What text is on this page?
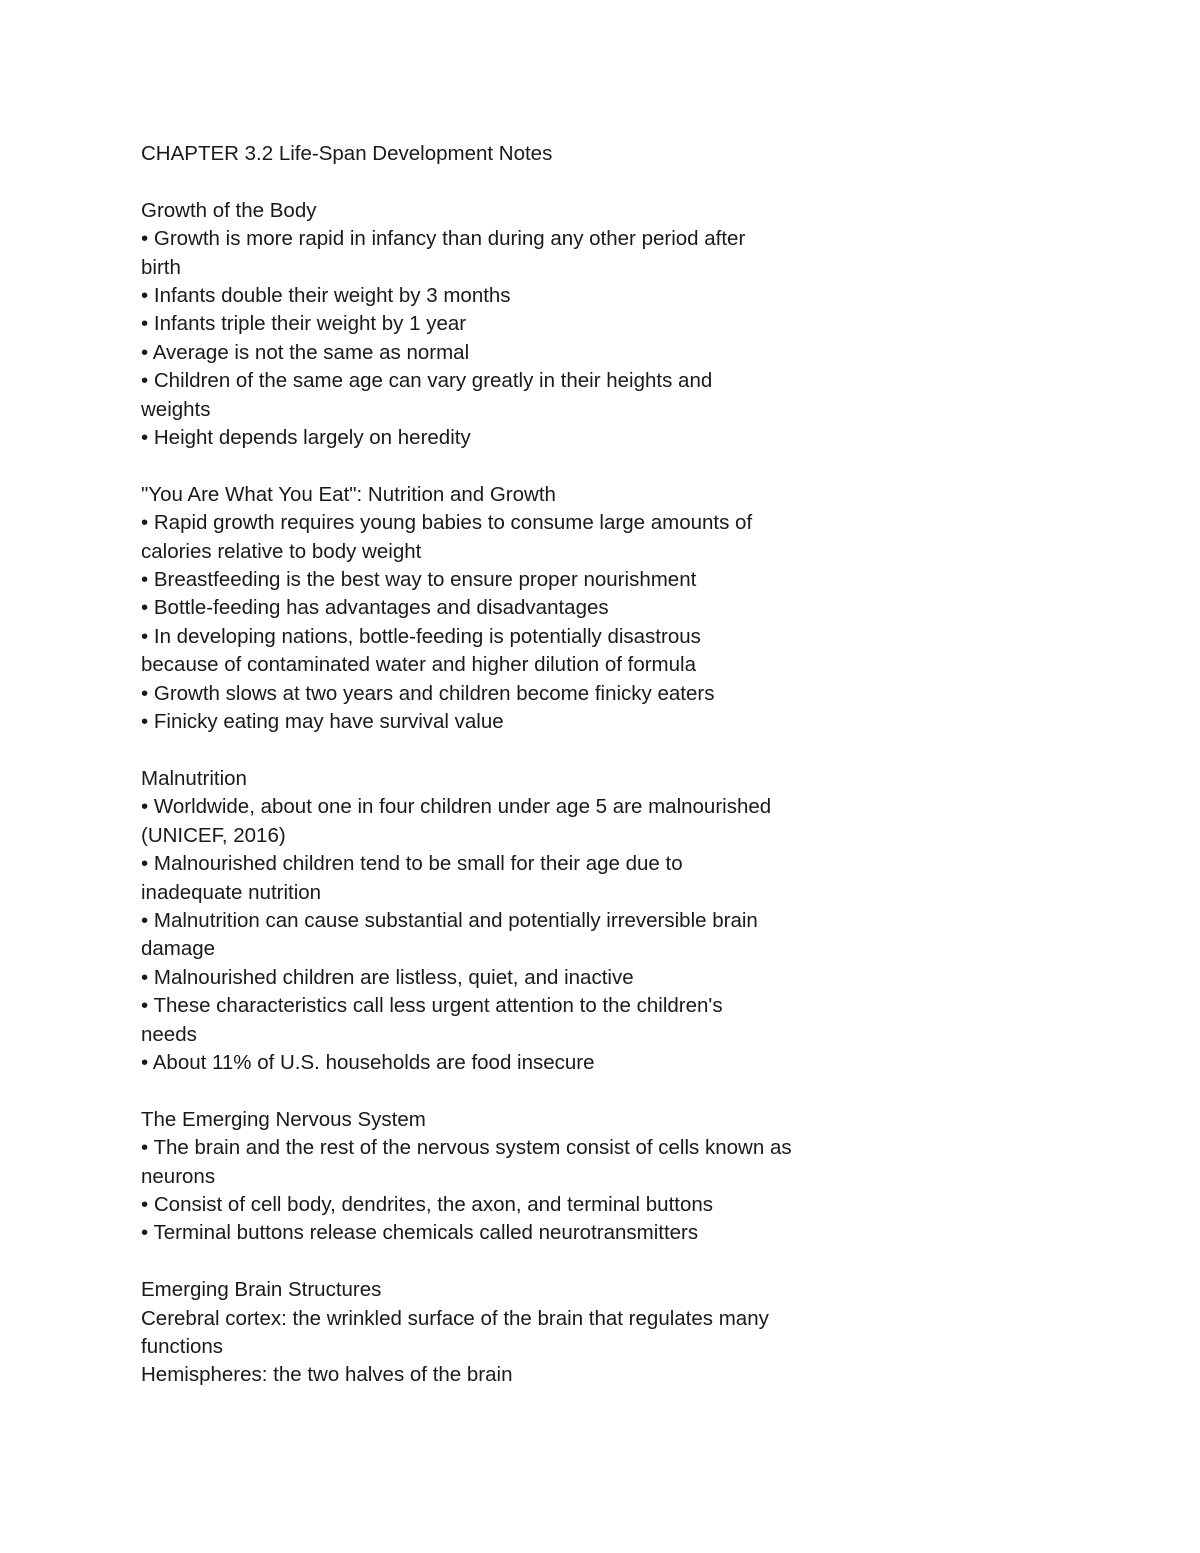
CHAPTER 3.2 Life-Span Development Notes

Growth of the Body

• Growth is more rapid in infancy than during any other period after

birth

• Infants double their weight by 3 months

• Infants triple their weight by 1 year

• Average is not the same as normal

• Children of the same age can vary greatly in their heights and

weights

• Height depends largely on heredity

"You Are What You Eat": Nutrition and Growth

• Rapid growth requires young babies to consume large amounts of

calories relative to body weight

• Breastfeeding is the best way to ensure proper nourishment

• Bottle-feeding has advantages and disadvantages

• In developing nations, bottle-feeding is potentially disastrous

because of contaminated water and higher dilution of formula

• Growth slows at two years and children become finicky eaters

• Finicky eating may have survival value

Malnutrition

• Worldwide, about one in four children under age 5 are malnourished

(UNICEF, 2016)

• Malnourished children tend to be small for their age due to

inadequate nutrition

• Malnutrition can cause substantial and potentially irreversible brain

damage

• Malnourished children are listless, quiet, and inactive

• These characteristics call less urgent attention to the children's

needs

• About 11% of U.S. households are food insecure

The Emerging Nervous System

• The brain and the rest of the nervous system consist of cells known as

neurons

• Consist of cell body, dendrites, the axon, and terminal buttons

• Terminal buttons release chemicals called neurotransmitters

Emerging Brain Structures

Cerebral cortex: the wrinkled surface of the brain that regulates many

functions

Hemispheres: the two halves of the brain
